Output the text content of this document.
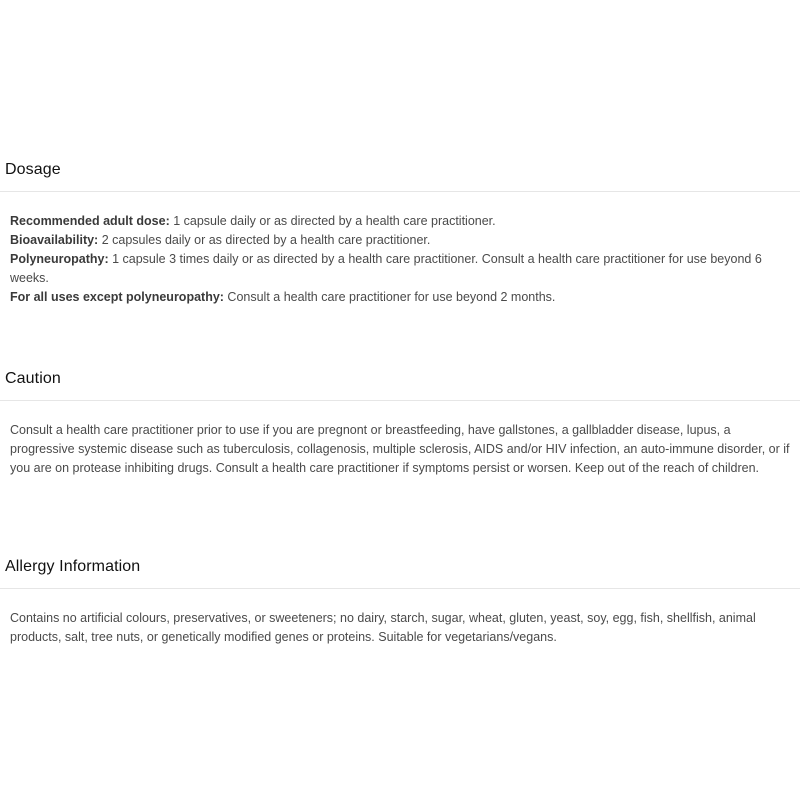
Dosage

Recommended adult dose: 1 capsule daily or as directed by a health care practitioner.

Bioavailability: 2 capsules daily or as directed by a health care practitioner.

Polyneuropathy: 1 capsule 3 times daily or as directed by a health care practitioner. Consult a health care practitioner for use beyond 6 weeks.

For all uses except polyneuropathy: Consult a health care practitioner for use beyond 2 months.

Caution

Consult a health care practitioner prior to use if you are pregnont or breastfeeding, have gallstones, a gallbladder disease, lupus, a progressive systemic disease such as tuberculosis, collagenosis, multiple sclerosis, AIDS and/or HIV infection, an auto-immune disorder, or if you are on protease inhibiting drugs. Consult a health care practitioner if symptoms persist or worsen. Keep out of the reach of children.

Allergy Information

Contains no artificial colours, preservatives, or sweeteners; no dairy, starch, sugar, wheat, gluten, yeast, soy, egg, fish, shellfish, animal products, salt, tree nuts, or genetically modified genes or proteins. Suitable for vegetarians/vegans.
